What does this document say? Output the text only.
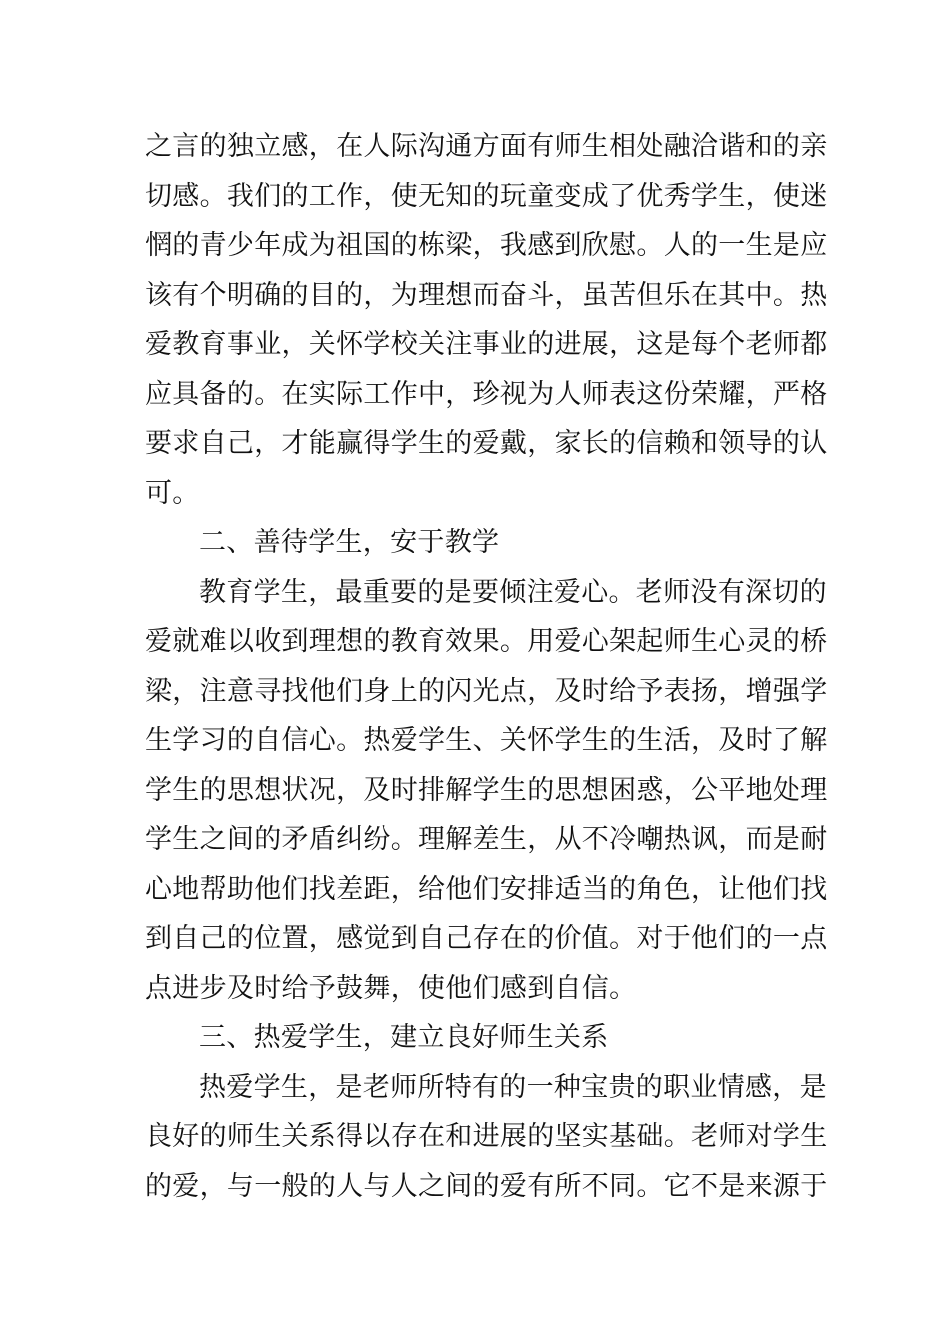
之言的独立感，在人际沟通方面有师生相处融洽谐和的亲
切感。我们的工作，使无知的玩童变成了优秀学生，使迷
惘的青少年成为祖国的栋梁，我感到欣慰。人的一生是应
该有个明确的目的，为理想而奋斗，虽苦但乐在其中。热
爱教育事业，关怀学校关注事业的进展，这是每个老师都
应具备的。在实际工作中，珍视为人师表这份荣耀，严格
要求自己，才能赢得学生的爱戴，家长的信赖和领导的认
可。
二、善待学生，安于教学
教育学生，最重要的是要倾注爱心。老师没有深切的
爱就难以收到理想的教育效果。用爱心架起师生心灵的桥
梁，注意寻找他们身上的闪光点，及时给予表扬，增强学
生学习的自信心。热爱学生、关怀学生的生活，及时了解
学生的思想状况，及时排解学生的思想困惑，公平地处理
学生之间的矛盾纠纷。理解差生，从不冷嘲热讽，而是耐
心地帮助他们找差距，给他们安排适当的角色，让他们找
到自己的位置，感觉到自己存在的价值。对于他们的一点
点进步及时给予鼓舞，使他们感到自信。
三、热爱学生，建立良好师生关系
热爱学生，是老师所特有的一种宝贵的职业情感，是
良好的师生关系得以存在和进展的坚实基础。老师对学生
的爱，与一般的人与人之间的爱有所不同。它不是来源于
